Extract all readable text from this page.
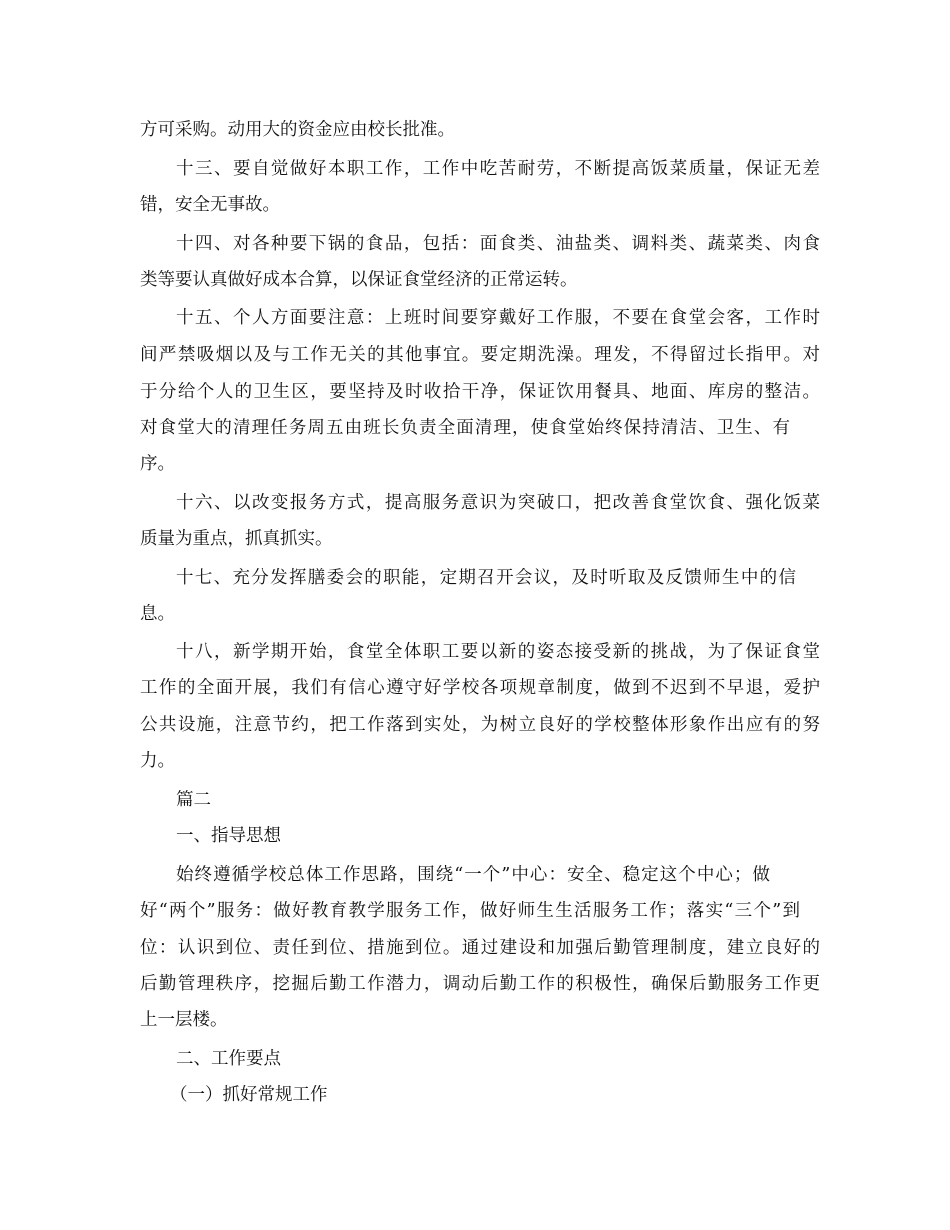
方可采购。动用大的资金应由校长批准。
十三、要自觉做好本职工作，工作中吃苦耐劳，不断提高饭菜质量，保证无差
错，安全无事故。
十四、对各种要下锅的食品，包括：面食类、油盐类、调料类、蔬菜类、肉食
类等要认真做好成本合算，以保证食堂经济的正常运转。
十五、个人方面要注意：上班时间要穿戴好工作服，不要在食堂会客，工作时
间严禁吸烟以及与工作无关的其他事宜。要定期洗澡。理发，不得留过长指甲。对
于分给个人的卫生区，要坚持及时收拾干净，保证饮用餐具、地面、库房的整洁。
对食堂大的清理任务周五由班长负责全面清理，使食堂始终保持清洁、卫生、有
序。
十六、以改变报务方式，提高服务意识为突破口，把改善食堂饮食、强化饭菜
质量为重点，抓真抓实。
十七、充分发挥膳委会的职能，定期召开会议，及时听取及反馈师生中的信
息。
十八，新学期开始，食堂全体职工要以新的姿态接受新的挑战，为了保证食堂
工作的全面开展，我们有信心遵守好学校各项规章制度，做到不迟到不早退，爱护
公共设施，注意节约，把工作落到实处，为树立良好的学校整体形象作出应有的努
力。
篇二
一、指导思想
始终遵循学校总体工作思路，围绕“一个”中心：安全、稳定这个中心；做
好“两个”服务：做好教育教学服务工作，做好师生生活服务工作；落实“三个”到
位：认识到位、责任到位、措施到位。通过建设和加强后勤管理制度，建立良好的
后勤管理秩序，挖掘后勤工作潜力，调动后勤工作的积极性，确保后勤服务工作更
上一层楼。
二、工作要点
（一）抓好常规工作
